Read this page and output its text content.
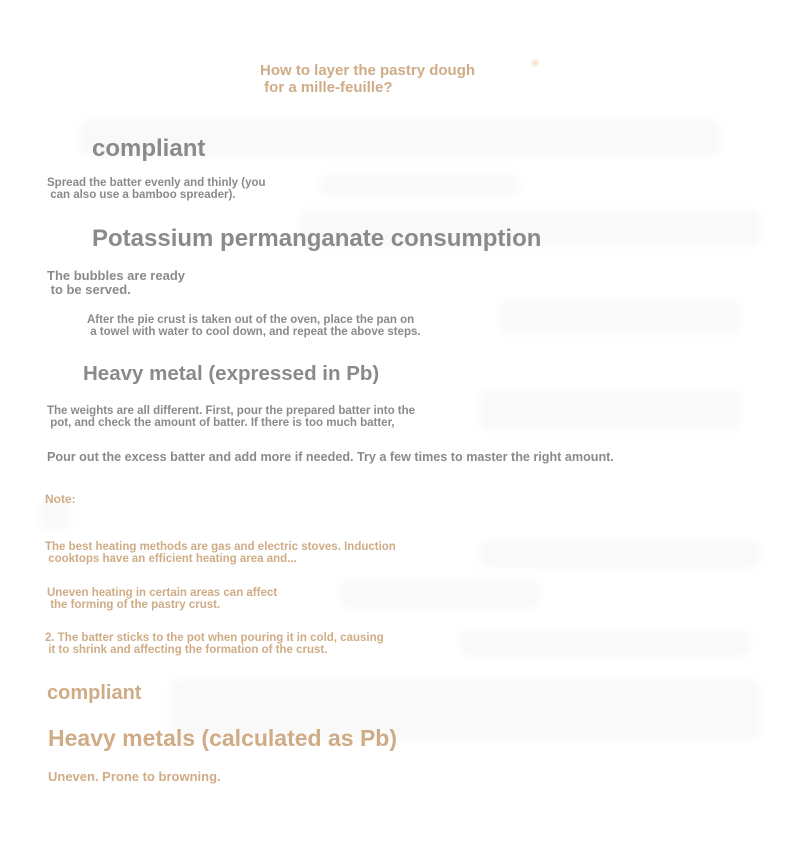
How to layer the pastry dough
for a mille-feuille?

compliant

Spread the batter evenly and thinly (you
can also use a bamboo spreader).

Potassium permanganate consumption

The bubbles are ready
to be served.

After the pie crust is taken out of the oven, place the pan on
a towel with water to cool down, and repeat the above steps.

Heavy metal (expressed in Pb)

The weights are all different. First, pour the prepared batter into the
pot, and check the amount of batter. If there is too much batter,

Pour out the excess batter and add more if needed. Try a few times to master the right amount.

Note:

The best heating methods are gas and electric stoves. Induction
cooktops have an efficient heating area and...

Uneven heating in certain areas can affect
the forming of the pastry crust.

2. The batter sticks to the pot when pouring it in cold, causing
it to shrink and affecting the formation of the crust.

compliant

Heavy metals (calculated as Pb)

Uneven. Prone to browning.
